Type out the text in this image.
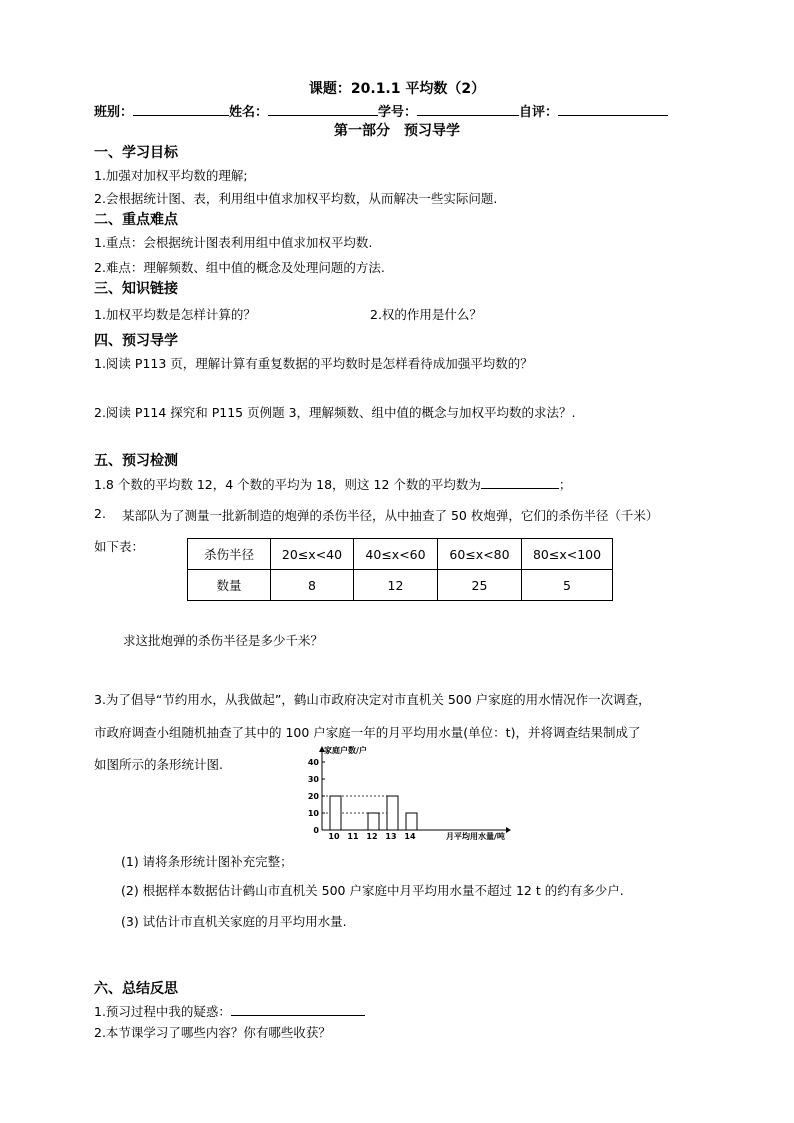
课题：20.1.1 平均数（2）
班别：	姓名：	学号：	自评：
第一部分　预习导学
一、学习目标
1.加强对加权平均数的理解;
2.会根据统计图、表，利用组中值求加权平均数，从而解决一些实际问题.
二、重点难点
1.重点：会根据统计图表利用组中值求加权平均数.
2.难点：理解频数、组中值的概念及处理问题的方法.
三、知识链接
1.加权平均数是怎样计算的？	2.权的作用是什么？
四、预习导学
1.阅读 P113 页，理解计算有重复数据的平均数时是怎样看待成加强平均数的？
2.阅读 P114 探究和 P115 页例题 3，理解频数、组中值的概念与加权平均数的求法？.
五、预习检测
1.8 个数的平均数 12，4 个数的平均为 18，则这 12 个数的平均数为	；
2. 某部队为了测量一批新制造的炮弹的杀伤半径，从中抽查了 50 枚炮弹，它们的杀伤半径（千米）
如下表：
杀伤半径	20≤x<40	40≤x<60	60≤x<80	80≤x<100
数量	8	12	25	5
求这批炮弹的杀伤半径是多少千米？
3.为了倡导“节约用水，从我做起”，鹤山市政府决定对市直机关 500 户家庭的用水情况作一次调查，
市政府调查小组随机抽查了其中的 100 户家庭一年的月平均用水量(单位：t)，并将调查结果制成了
如图所示的条形统计图.
0
10
20
30
40
10 11 12 13 14
家庭户数/户
月平均用水量/吨
(1) 请将条形统计图补充完整；
(2) 根据样本数据估计鹤山市直机关 500 户家庭中月平均用水量不超过 12 t 的约有多少户.
(3) 试估计市直机关家庭的月平均用水量.
六、总结反思
1.预习过程中我的疑惑：
2.本节课学习了哪些内容？你有哪些收获？
